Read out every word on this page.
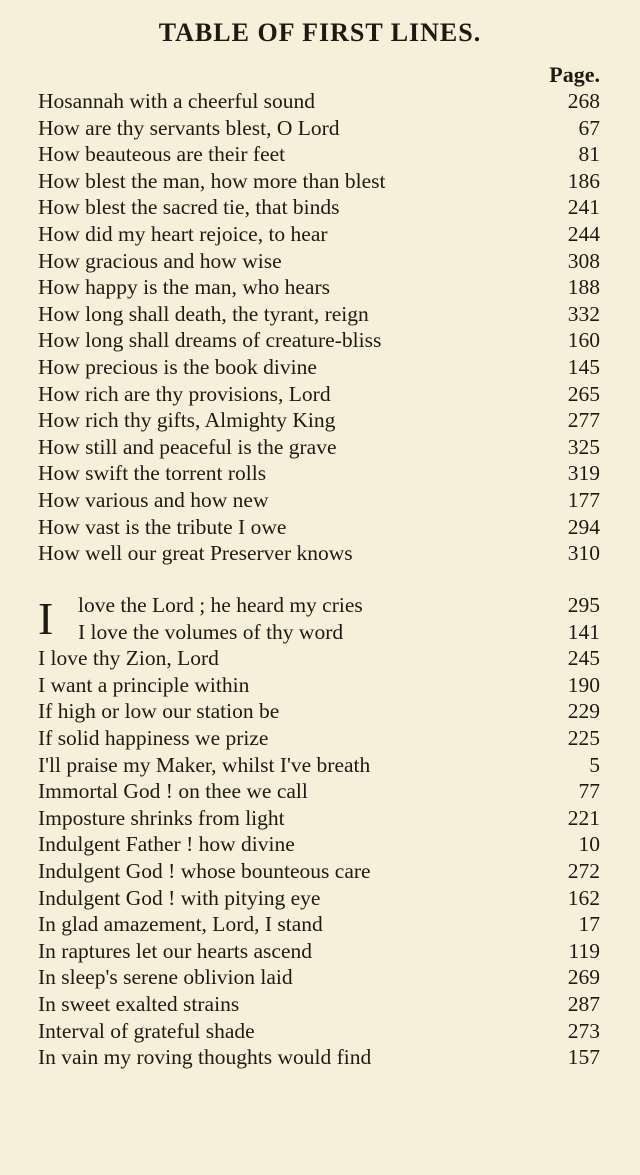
TABLE OF FIRST LINES.
Page.
Hosannah with a cheerful sound	268
How are thy servants blest, O Lord	67
How beauteous are their feet	81
How blest the man, how more than blest	186
How blest the sacred tie, that binds	241
How did my heart rejoice, to hear	244
How gracious and how wise	308
How happy is the man, who hears	188
How long shall death, the tyrant, reign	332
How long shall dreams of creature-bliss	160
How precious is the book divine	145
How rich are thy provisions, Lord	265
How rich thy gifts, Almighty King	277
How still and peaceful is the grave	325
How swift the torrent rolls	319
How various and how new	177
How vast is the tribute I owe	294
How well our great Preserver knows	310
I love the Lord ; he heard my cries	295
I love the volumes of thy word	141
I love thy Zion, Lord	245
I want a principle within	190
If high or low our station be	229
If solid happiness we prize	225
I'll praise my Maker, whilst I've breath	5
Immortal God ! on thee we call	77
Imposture shrinks from light	221
Indulgent Father ! how divine	10
Indulgent God ! whose bounteous care	272
Indulgent God ! with pitying eye	162
In glad amazement, Lord, I stand	17
In raptures let our hearts ascend	119
In sleep's serene oblivion laid	269
In sweet exalted strains	287
Interval of grateful shade	273
In vain my roving thoughts would find	157
